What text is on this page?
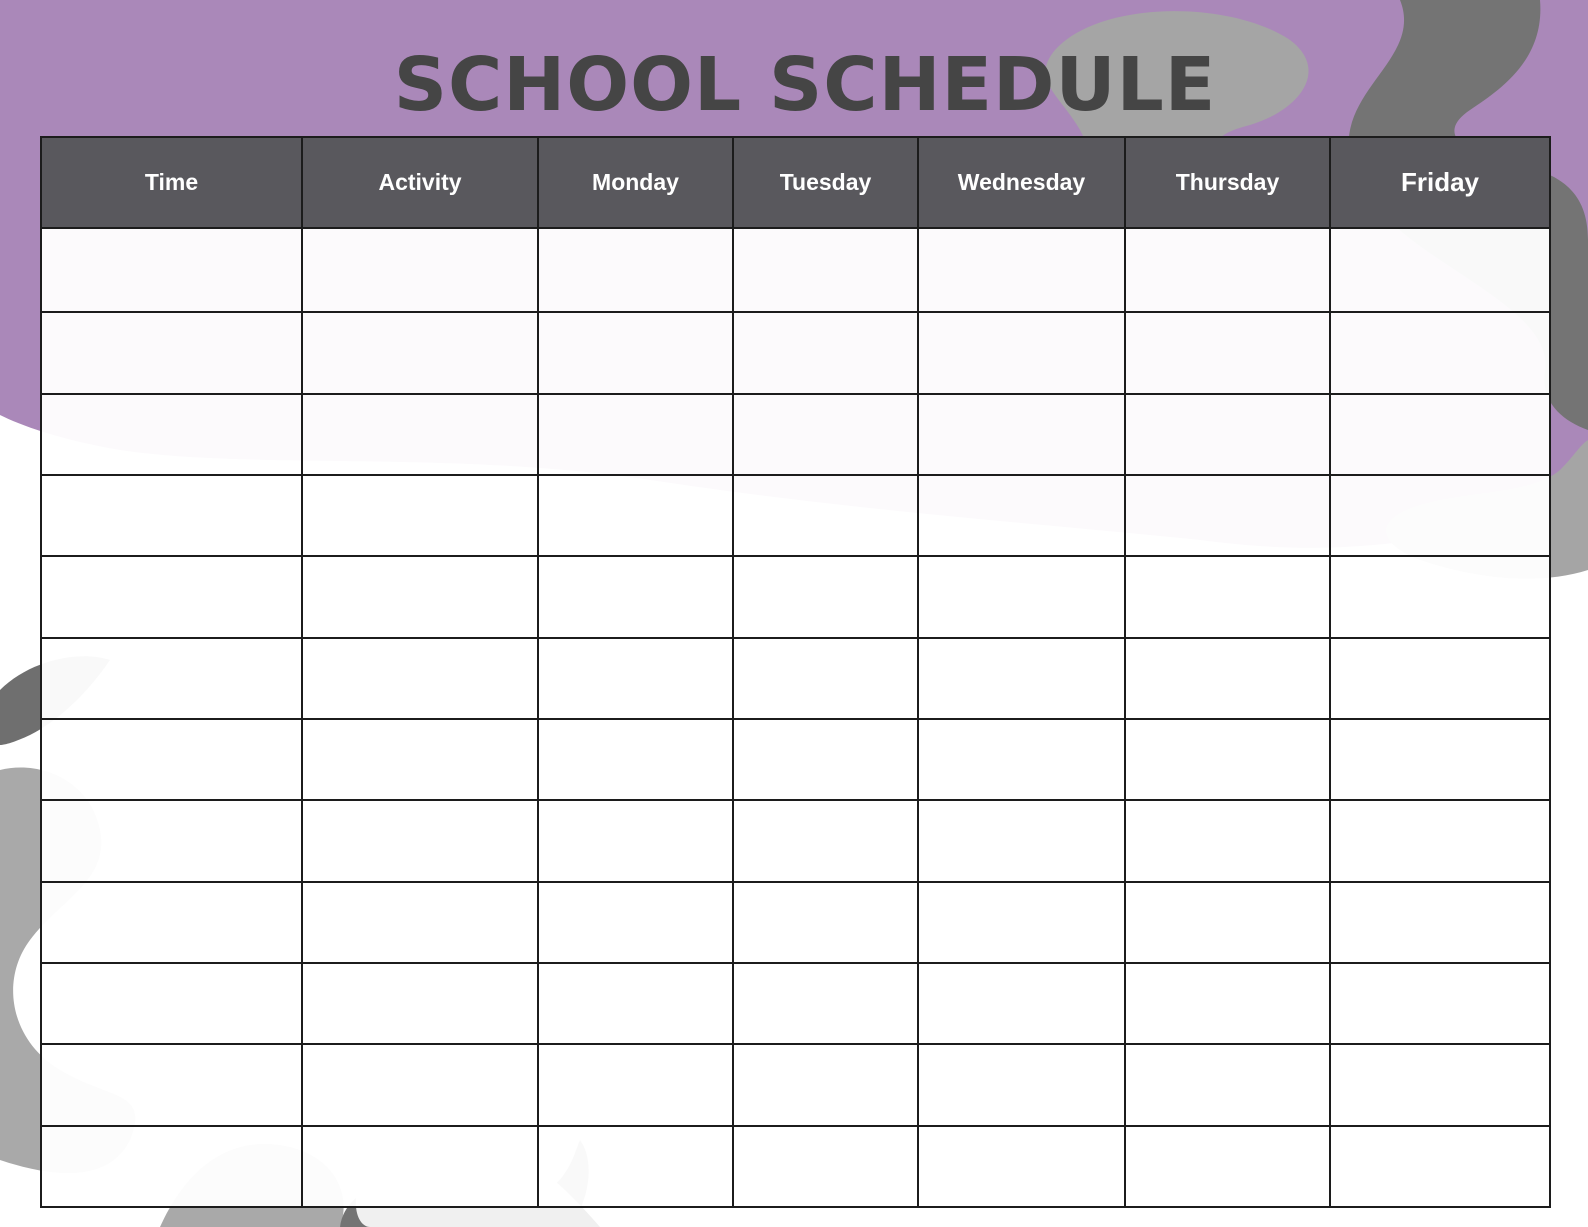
SCHOOL SCHEDULE
Time	Activity	Monday	Tuesday	Wednesday	Thursday	Friday
